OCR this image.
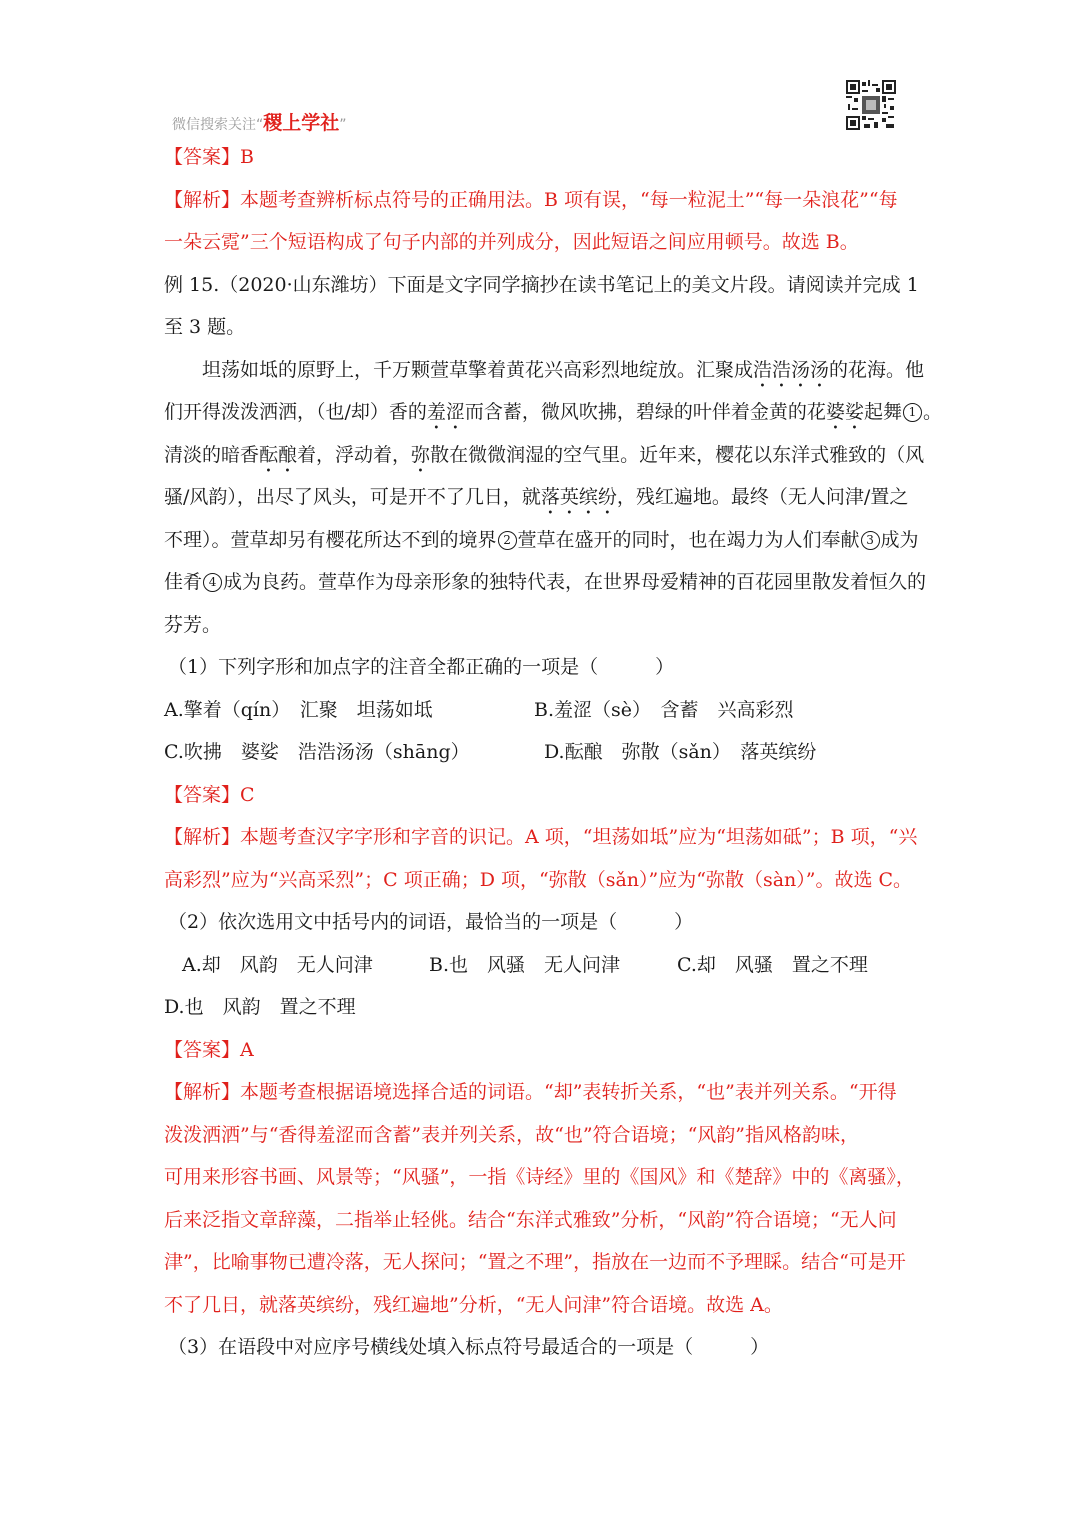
微信搜索关注“稷上学社”
【答案】B
【解析】本题考查辨析标点符号的正确用法。B 项有误，“每一粒泥土”“每一朵浪花”“每
一朵云霓”三个短语构成了句子内部的并列成分，因此短语之间应用顿号。故选 B。
例 15.（2020·山东潍坊）下面是文字同学摘抄在读书笔记上的美文片段。请阅读并完成 1
至 3 题。
坦荡如坻的原野上，千万颗萱草擎着黄花兴高彩烈地绽放。汇聚成浩浩汤汤的花海。他
们开得泼泼洒洒，（也/却）香的羞涩而含蓄，微风吹拂，碧绿的叶伴着金黄的花婆娑起舞 1 。
清淡的暗香酝酿着，浮动着，弥散在微微润湿的空气里。近年来，樱花以东洋式雅致的（风
骚/风韵），出尽了风头，可是开不了几日，就落英缤纷，残红遍地。最终（无人问津/置之
不理）。萱草却另有樱花所达不到的境界 2 萱草在盛开的同时，也在竭力为人们奉献 3 成为
佳肴 4 成为良药。萱草作为母亲形象的独特代表，在世界母爱精神的百花园里散发着恒久的
芬芳。
（1）下列字形和加点字的注音全都正确的一项是（　　　）
A.擎着（qín）　汇聚　坦荡如坻	B.羞涩（sè）　含蓄　兴高彩烈
C.吹拂　婆娑　浩浩汤汤（shāng）	D.酝酿　弥散（sǎn）　落英缤纷
【答案】C
【解析】本题考查汉字字形和字音的识记。A 项，“坦荡如坻”应为“坦荡如砥”；B 项，“兴
高彩烈”应为“兴高采烈”；C 项正确；D 项，“弥散（sǎn）”应为“弥散（sàn）”。故选 C。
（2）依次选用文中括号内的词语，最恰当的一项是（　　　）
A.却　风韵　无人问津	B.也　风骚　无人问津	C.却　风骚　置之不理
D.也　风韵　置之不理
【答案】A
【解析】本题考查根据语境选择合适的词语。“却”表转折关系，“也”表并列关系。“开得
泼泼洒洒”与“香得羞涩而含蓄”表并列关系，故“也”符合语境；“风韵”指风格韵味，
可用来形容书画、风景等；“风骚”，一指《诗经》里的《国风》和《楚辞》中的《离骚》，
后来泛指文章辞藻，二指举止轻佻。结合“东洋式雅致”分析，“风韵”符合语境；“无人问
津”，比喻事物已遭冷落，无人探问；“置之不理”，指放在一边而不予理睬。结合“可是开
不了几日，就落英缤纷，残红遍地”分析，“无人问津”符合语境。故选 A。
（3）在语段中对应序号横线处填入标点符号最适合的一项是（　　　）
